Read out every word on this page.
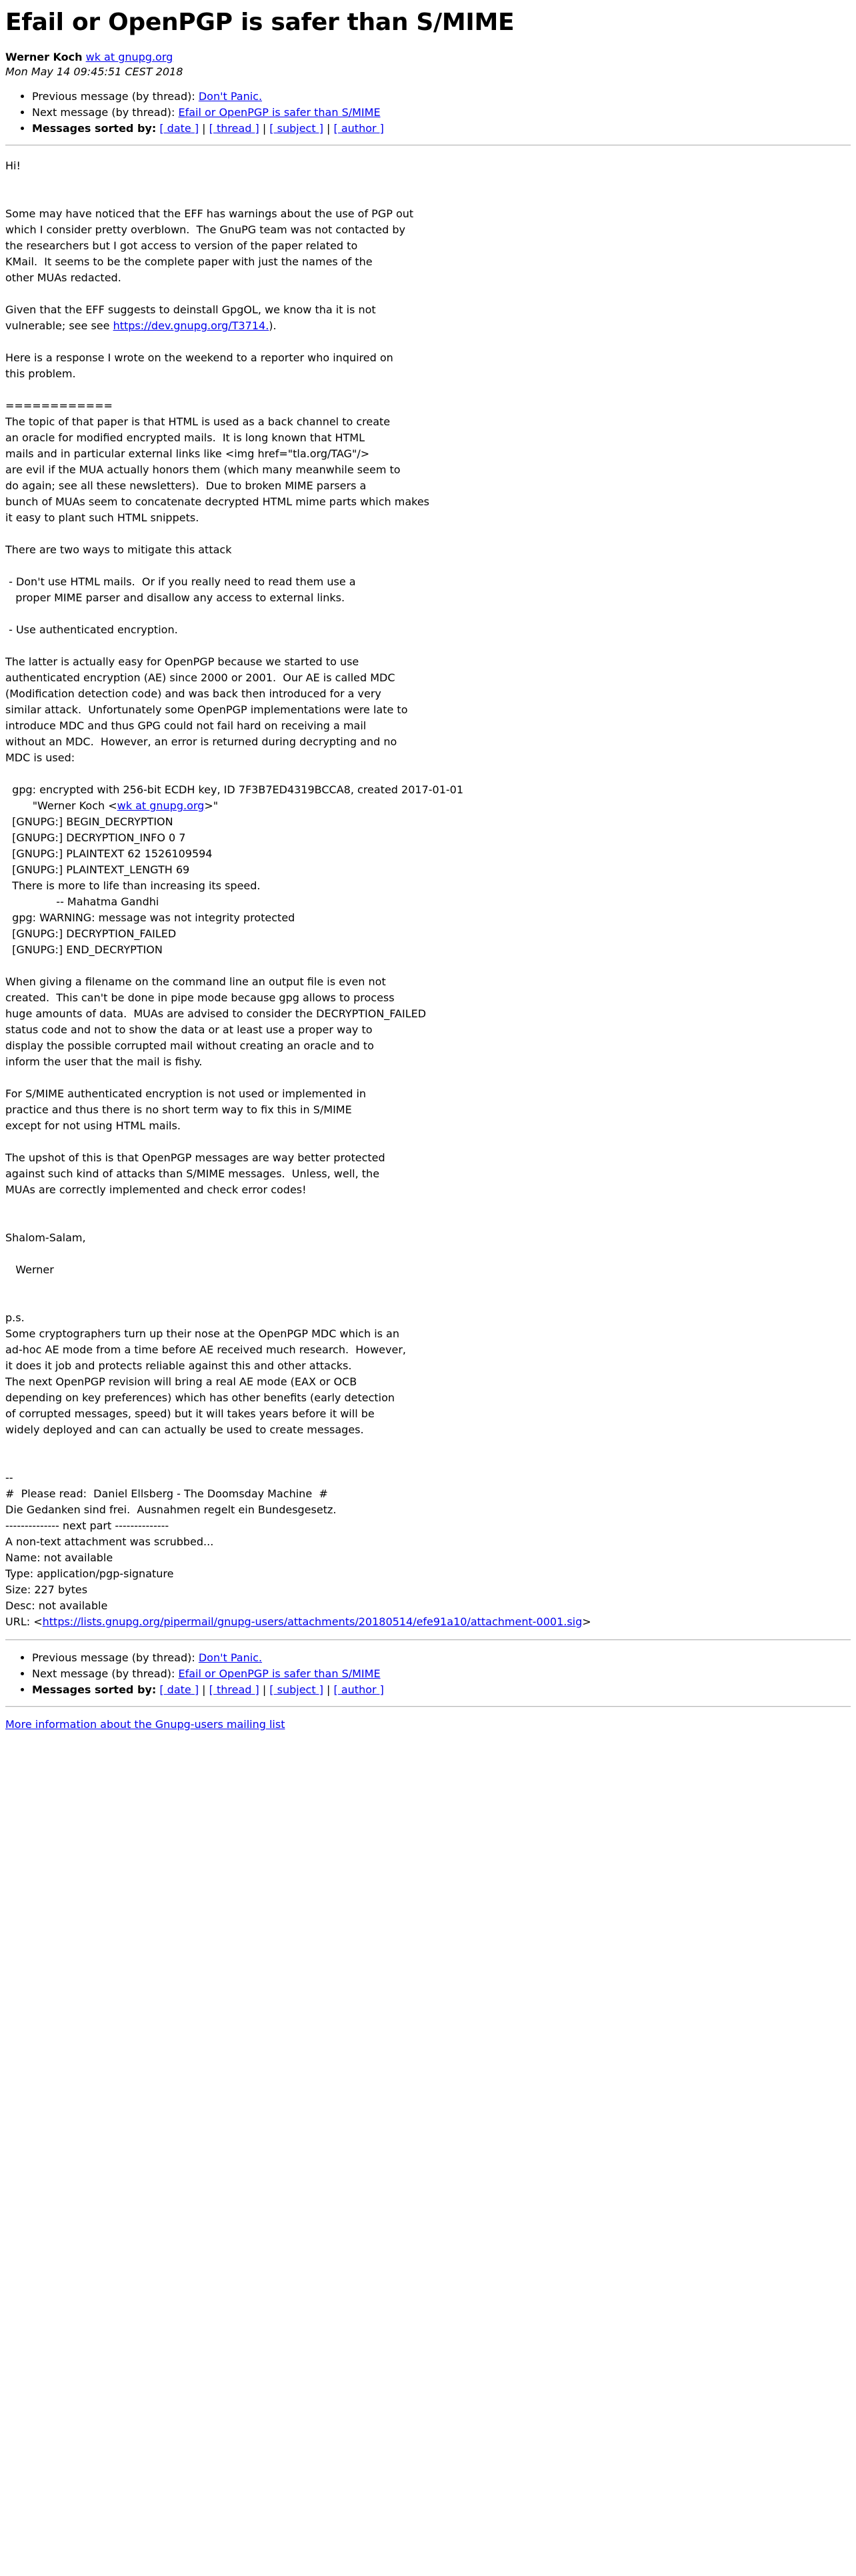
Efail or OpenPGP is safer than S/MIME
Werner Koch wk at gnupg.org
Mon May 14 09:45:51 CEST 2018
• Previous message (by thread): Don't Panic.
• Next message (by thread): Efail or OpenPGP is safer than S/MIME
• Messages sorted by: [ date ] | [ thread ] | [ subject ] | [ author ]
Hi!

Some may have noticed that the EFF has warnings about the use of PGP out
which I consider pretty overblown.  The GnuPG team was not contacted by
the researchers but I got access to version of the paper related to
KMail.  It seems to be the complete paper with just the names of the
other MUAs redacted.

Given that the EFF suggests to deinstall GpgOL, we know tha it is not
vulnerable; see see https://dev.gnupg.org/T3714.).

Here is a response I wrote on the weekend to a reporter who inquired on
this problem.

============
The topic of that paper is that HTML is used as a back channel to create
an oracle for modified encrypted mails.  It is long known that HTML
mails and in particular external links like <img href="tla.org/TAG"/>
are evil if the MUA actually honors them (which many meanwhile seem to
do again; see all these newsletters).  Due to broken MIME parsers a
bunch of MUAs seem to concatenate decrypted HTML mime parts which makes
it easy to plant such HTML snippets.

There are two ways to mitigate this attack

- Don't use HTML mails.  Or if you really need to read them use a
proper MIME parser and disallow any access to external links.

- Use authenticated encryption.

The latter is actually easy for OpenPGP because we started to use
authenticated encryption (AE) since 2000 or 2001.  Our AE is called MDC
(Modification detection code) and was back then introduced for a very
similar attack.  Unfortunately some OpenPGP implementations were late to
introduce MDC and thus GPG could not fail hard on receiving a mail
without an MDC.  However, an error is returned during decrypting and no
MDC is used:

gpg: encrypted with 256-bit ECDH key, ID 7F3B7ED4319BCCA8, created 2017-01-01
"Werner Koch <wk at gnupg.org>"
[GNUPG:] BEGIN_DECRYPTION
[GNUPG:] DECRYPTION_INFO 0 7
[GNUPG:] PLAINTEXT 62 1526109594
[GNUPG:] PLAINTEXT_LENGTH 69
There is more to life than increasing its speed.
-- Mahatma Gandhi
gpg: WARNING: message was not integrity protected
[GNUPG:] DECRYPTION_FAILED
[GNUPG:] END_DECRYPTION

When giving a filename on the command line an output file is even not
created.  This can't be done in pipe mode because gpg allows to process
huge amounts of data.  MUAs are advised to consider the DECRYPTION_FAILED
status code and not to show the data or at least use a proper way to
display the possible corrupted mail without creating an oracle and to
inform the user that the mail is fishy.

For S/MIME authenticated encryption is not used or implemented in
practice and thus there is no short term way to fix this in S/MIME
except for not using HTML mails.

The upshot of this is that OpenPGP messages are way better protected
against such kind of attacks than S/MIME messages.  Unless, well, the
MUAs are correctly implemented and check error codes!

Shalom-Salam,

Werner

p.s.
Some cryptographers turn up their nose at the OpenPGP MDC which is an
ad-hoc AE mode from a time before AE received much research.  However,
it does it job and protects reliable against this and other attacks.
The next OpenPGP revision will bring a real AE mode (EAX or OCB
depending on key preferences) which has other benefits (early detection
of corrupted messages, speed) but it will takes years before it will be
widely deployed and can can actually be used to create messages.

--
#  Please read:  Daniel Ellsberg - The Doomsday Machine  #
Die Gedanken sind frei.  Ausnahmen regelt ein Bundesgesetz.
-------------- next part --------------
A non-text attachment was scrubbed...
Name: not available
Type: application/pgp-signature
Size: 227 bytes
Desc: not available
URL: <https://lists.gnupg.org/pipermail/gnupg-users/attachments/20180514/efe91a10/attachment-0001.sig>
• Previous message (by thread): Don't Panic.
• Next message (by thread): Efail or OpenPGP is safer than S/MIME
• Messages sorted by: [ date ] | [ thread ] | [ subject ] | [ author ]

More information about the Gnupg-users mailing list
